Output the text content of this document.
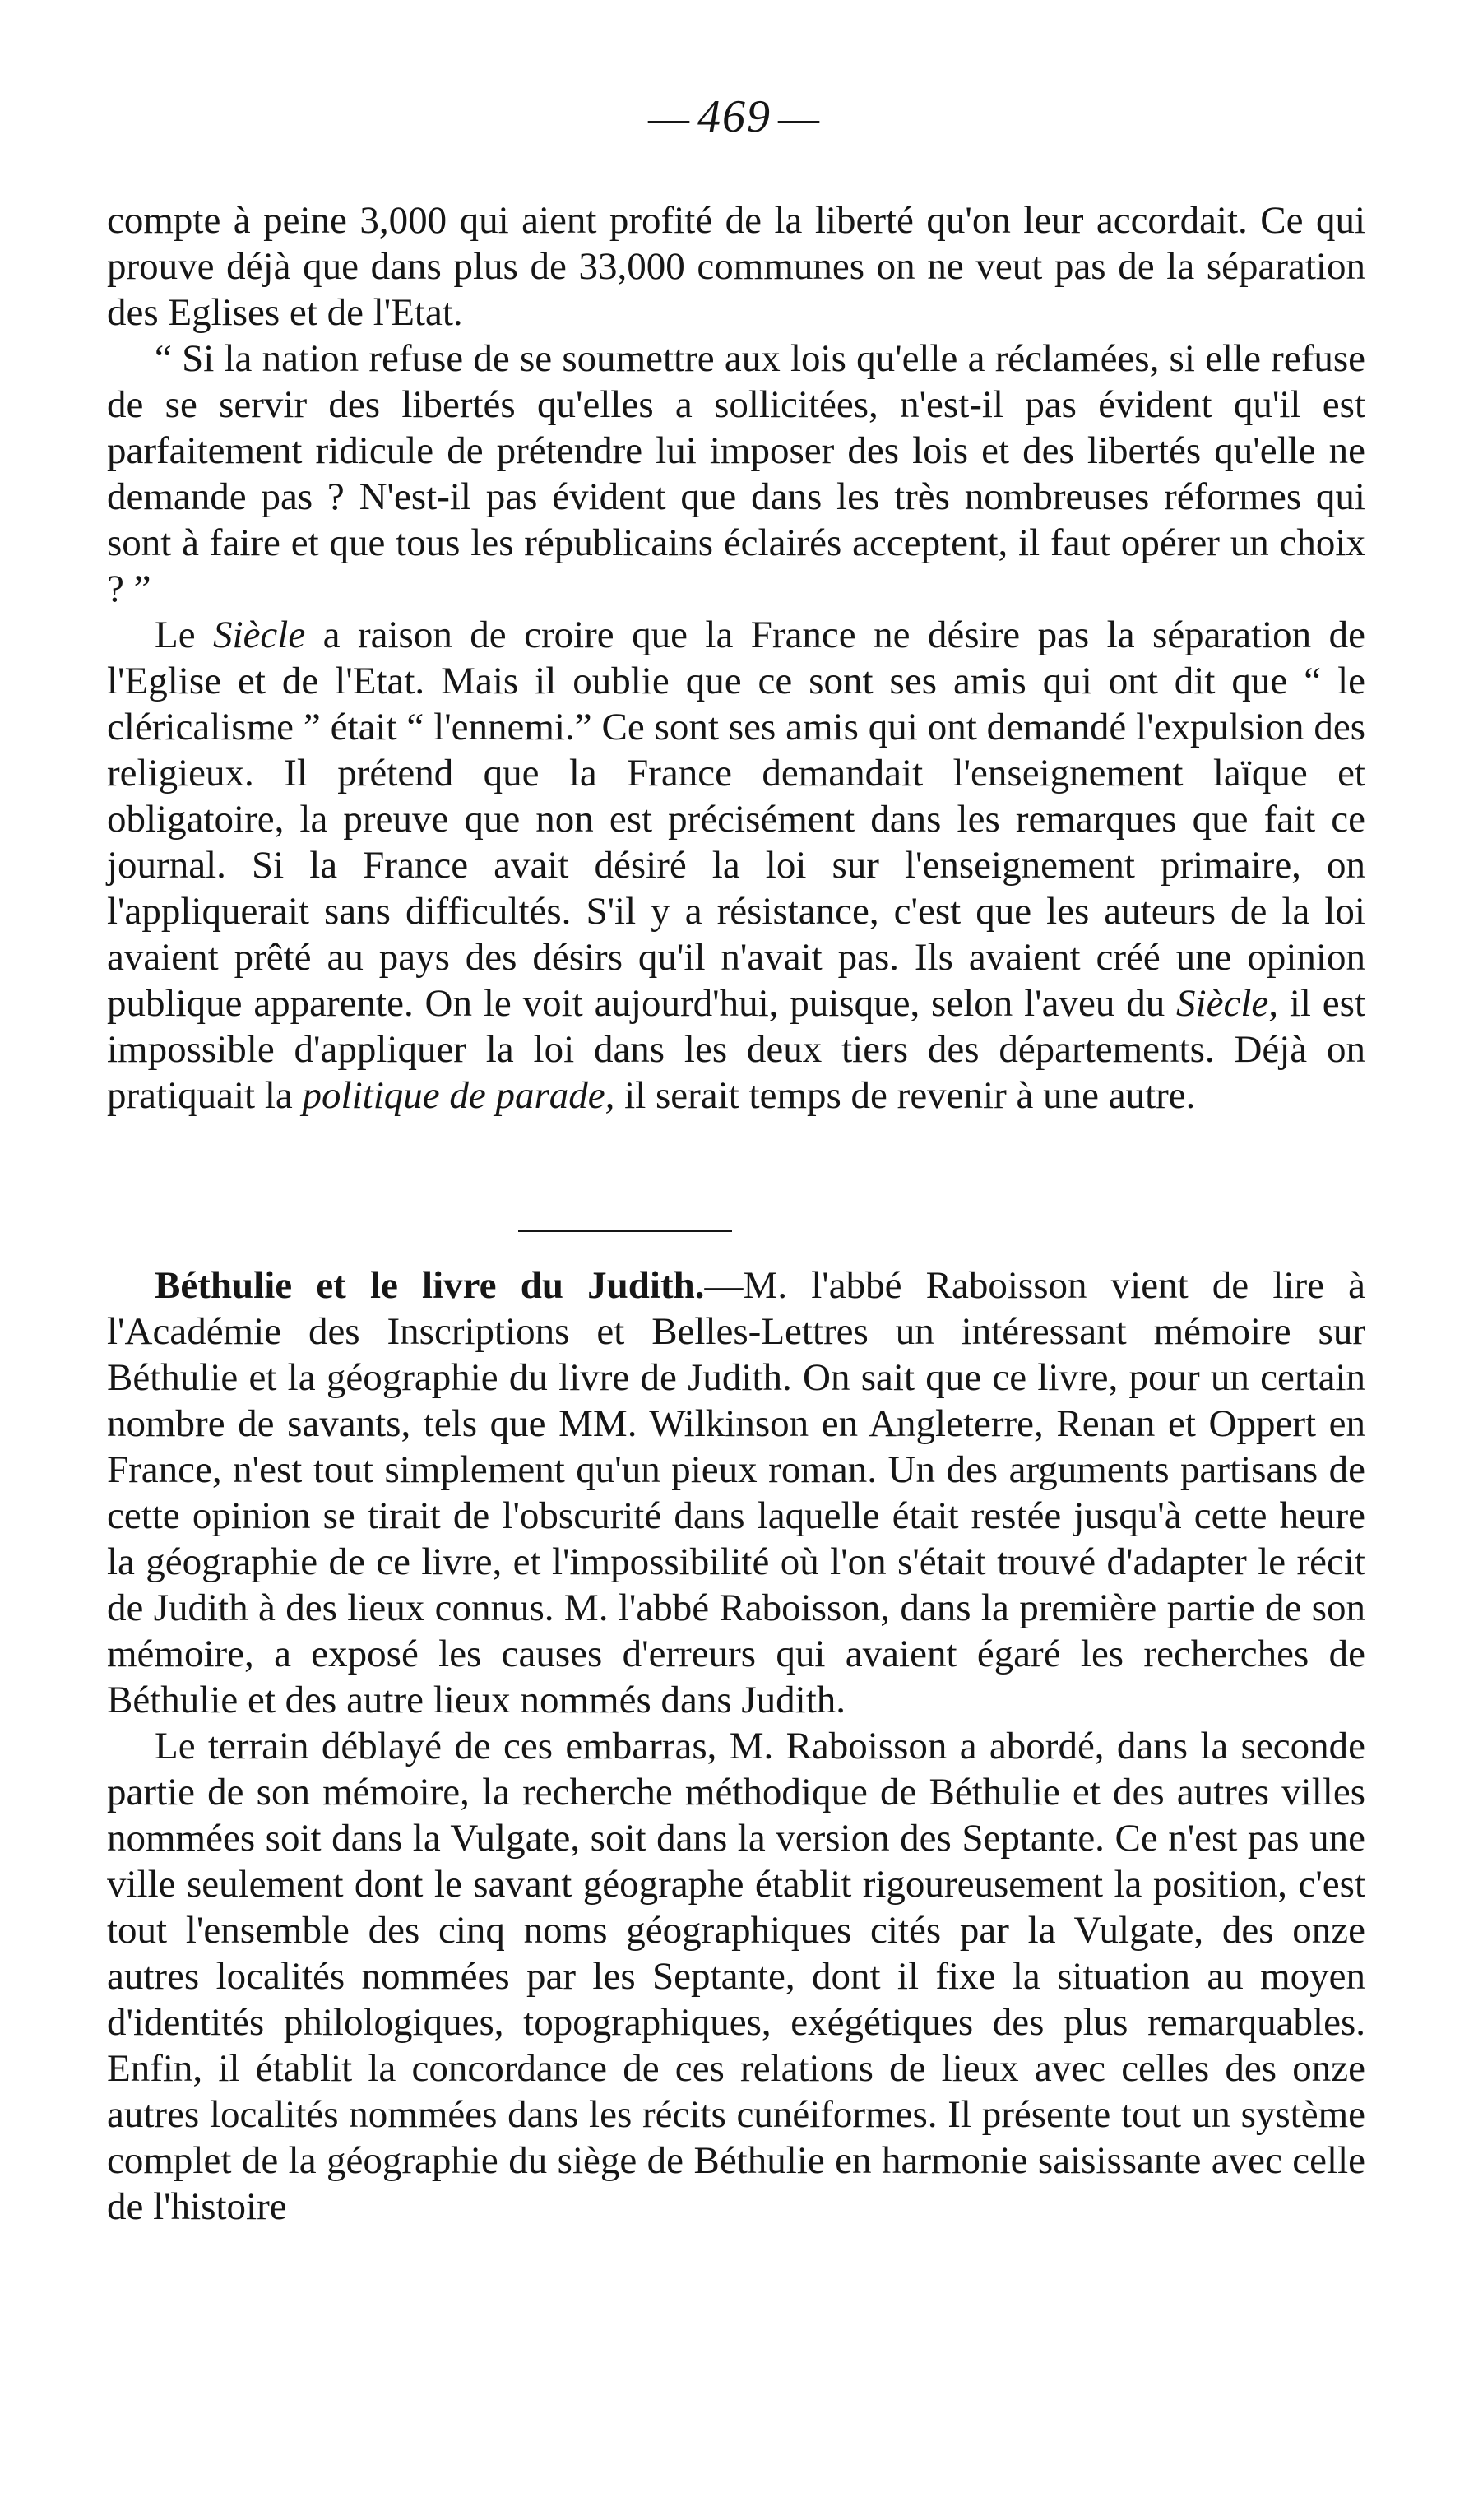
— 469 —

compte à peine 3,000 qui aient profité de la liberté qu'on leur accordait. Ce qui prouve déjà que dans plus de 33,000 communes on ne veut pas de la séparation des Eglises et de l'Etat.

“ Si la nation refuse de se soumettre aux lois qu'elle a réclamées, si elle refuse de se servir des libertés qu'elles a sollicitées, n'est-il pas évident qu'il est parfaitement ridicule de prétendre lui imposer des lois et des libertés qu'elle ne demande pas ? N'est-il pas évident que dans les très nombreuses réformes qui sont à faire et que tous les républicains éclairés acceptent, il faut opérer un choix ? ”

Le Siècle a raison de croire que la France ne désire pas la séparation de l'Eglise et de l'Etat. Mais il oublie que ce sont ses amis qui ont dit que “ le cléricalisme ” était “ l'ennemi.” Ce sont ses amis qui ont demandé l'expulsion des religieux. Il prétend que la France demandait l'enseignement laïque et obligatoire, la preuve que non est précisément dans les remarques que fait ce journal. Si la France avait désiré la loi sur l'enseignement primaire, on l'appliquerait sans difficultés. S'il y a résistance, c'est que les auteurs de la loi avaient prêté au pays des désirs qu'il n'avait pas. Ils avaient créé une opinion publique apparente. On le voit aujourd'hui, puisque, selon l'aveu du Siècle, il est impossible d'appliquer la loi dans les deux tiers des départements. Déjà on pratiquait la politique de parade, il serait temps de revenir à une autre.

Béthulie et le livre du Judith.—M. l'abbé Raboisson vient de lire à l'Académie des Inscriptions et Belles-Lettres un intéressant mémoire sur Béthulie et la géographie du livre de Judith. On sait que ce livre, pour un certain nombre de savants, tels que MM. Wilkinson en Angleterre, Renan et Oppert en France, n'est tout simplement qu'un pieux roman. Un des arguments partisans de cette opinion se tirait de l'obscurité dans laquelle était restée jusqu'à cette heure la géographie de ce livre, et l'impossibilité où l'on s'était trouvé d'adapter le récit de Judith à des lieux connus. M. l'abbé Raboisson, dans la première partie de son mémoire, a exposé les causes d'erreurs qui avaient égaré les recherches de Béthulie et des autre lieux nommés dans Judith.

Le terrain déblayé de ces embarras, M. Raboisson a abordé, dans la seconde partie de son mémoire, la recherche méthodique de Béthulie et des autres villes nommées soit dans la Vulgate, soit dans la version des Septante. Ce n'est pas une ville seulement dont le savant géographe établit rigoureusement la position, c'est tout l'ensemble des cinq noms géographiques cités par la Vulgate, des onze autres localités nommées par les Septante, dont il fixe la situation au moyen d'identités philologiques, topographiques, exégétiques des plus remarquables. Enfin, il établit la concordance de ces relations de lieux avec celles des onze autres localités nommées dans les récits cunéiformes. Il présente tout un système complet de la géographie du siège de Béthulie en harmonie saisissante avec celle de l'histoire
